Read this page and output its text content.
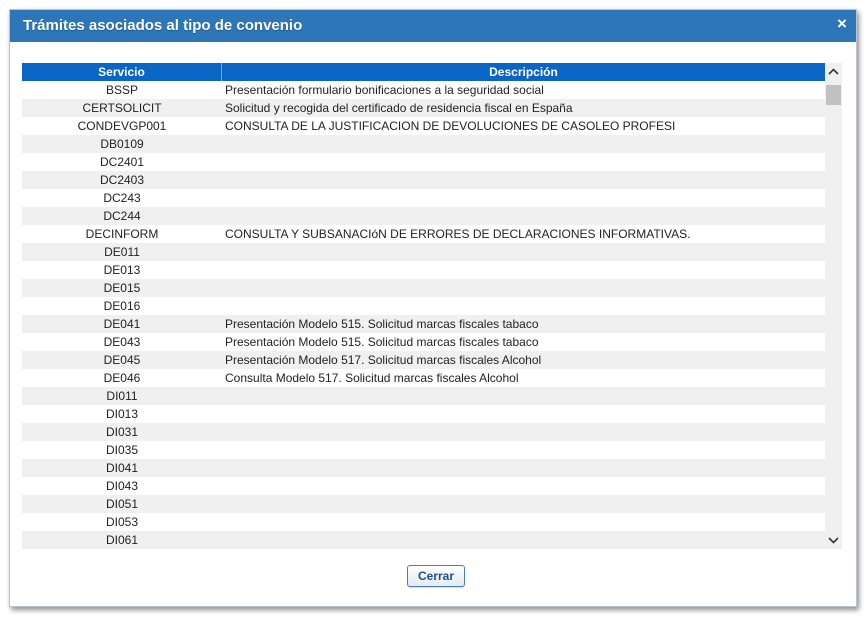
Trámites asociados al tipo de convenio	×
Servicio	Descripción
BSSP	Presentación formulario bonificaciones a la seguridad social
CERTSOLICIT	Solicitud y recogida del certificado de residencia fiscal en España
CONDEVGP001	CONSULTA DE LA JUSTIFICACION DE DEVOLUCIONES DE CASOLEO PROFESI
DB0109
DC2401
DC2403
DC243
DC244
DECINFORM	CONSULTA Y SUBSANACIóN DE ERRORES DE DECLARACIONES INFORMATIVAS.
DE011
DE013
DE015
DE016
DE041	Presentación Modelo 515. Solicitud marcas fiscales tabaco
DE043	Presentación Modelo 515. Solicitud marcas fiscales tabaco
DE045	Presentación Modelo 517. Solicitud marcas fiscales Alcohol
DE046	Consulta Modelo 517. Solicitud marcas fiscales Alcohol
DI011
DI013
DI031
DI035
DI041
DI043
DI051
DI053
DI061
Cerrar
